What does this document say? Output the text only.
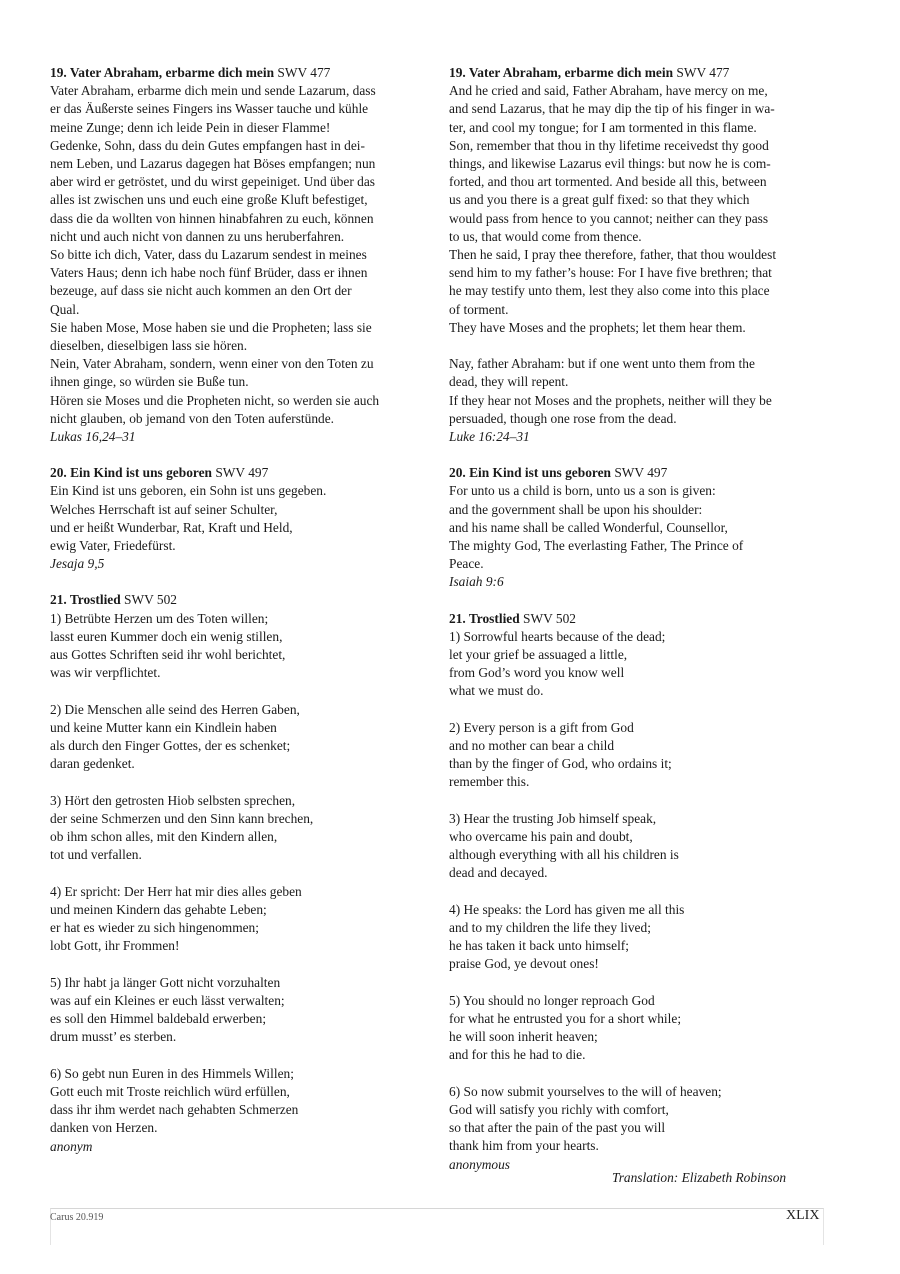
19. Vater Abraham, erbarme dich mein SWV 477
Vater Abraham, erbarme dich mein und sende Lazarum, dass
er das Äußerste seines Fingers ins Wasser tauche und kühle
meine Zunge; denn ich leide Pein in dieser Flamme!
Gedenke, Sohn, dass du dein Gutes empfangen hast in dei-
nem Leben, und Lazarus dagegen hat Böses empfangen; nun
aber wird er getröstet, und du wirst gepeiniget. Und über das
alles ist zwischen uns und euch eine große Kluft befestiget,
dass die da wollten von hinnen hinabfahren zu euch, können
nicht und auch nicht von dannen zu uns heruberfahren.
So bitte ich dich, Vater, dass du Lazarum sendest in meines
Vaters Haus; denn ich habe noch fünf Brüder, dass er ihnen
bezeuge, auf dass sie nicht auch kommen an den Ort der
Qual.
Sie haben Mose, Mose haben sie und die Propheten; lass sie
dieselben, dieselbigen lass sie hören.
Nein, Vater Abraham, sondern, wenn einer von den Toten zu
ihnen ginge, so würden sie Buße tun.
Hören sie Moses und die Propheten nicht, so werden sie auch
nicht glauben, ob jemand von den Toten auferstünde.
Lukas 16,24–31
20. Ein Kind ist uns geboren SWV 497
Ein Kind ist uns geboren, ein Sohn ist uns gegeben.
Welches Herrschaft ist auf seiner Schulter,
und er heißt Wunderbar, Rat, Kraft und Held,
ewig Vater, Friedefürst.
Jesaja 9,5
21. Trostlied SWV 502
1) Betrübte Herzen um des Toten willen;
lasst euren Kummer doch ein wenig stillen,
aus Gottes Schriften seid ihr wohl berichtet,
was wir verpflichtet.
2) Die Menschen alle seind des Herren Gaben,
und keine Mutter kann ein Kindlein haben
als durch den Finger Gottes, der es schenket;
daran gedenket.
3) Hört den getrosten Hiob selbsten sprechen,
der seine Schmerzen und den Sinn kann brechen,
ob ihm schon alles, mit den Kindern allen,
tot und verfallen.
4) Er spricht: Der Herr hat mir dies alles geben
und meinen Kindern das gehabte Leben;
er hat es wieder zu sich hingenommen;
lobt Gott, ihr Frommen!
5) Ihr habt ja länger Gott nicht vorzuhalten
was auf ein Kleines er euch lässt verwalten;
es soll den Himmel baldebald erwerben;
drum musst’ es sterben.
6) So gebt nun Euren in des Himmels Willen;
Gott euch mit Troste reichlich würd erfüllen,
dass ihr ihm werdet nach gehabten Schmerzen
danken von Herzen.
anonym
19. Vater Abraham, erbarme dich mein SWV 477
And he cried and said, Father Abraham, have mercy on me,
and send Lazarus, that he may dip the tip of his finger in wa-
ter, and cool my tongue; for I am tormented in this flame.
Son, remember that thou in thy lifetime receivedst thy good
things, and likewise Lazarus evil things: but now he is com-
forted, and thou art tormented. And beside all this, between
us and you there is a great gulf fixed: so that they which
would pass from hence to you cannot; neither can they pass
to us, that would come from thence.
Then he said, I pray thee therefore, father, that thou wouldest
send him to my father’s house: For I have five brethren; that
he may testify unto them, lest they also come into this place
of torment.
They have Moses and the prophets; let them hear them.
Nay, father Abraham: but if one went unto them from the
dead, they will repent.
If they hear not Moses and the prophets, neither will they be
persuaded, though one rose from the dead.
Luke 16:24–31
20. Ein Kind ist uns geboren SWV 497
For unto us a child is born, unto us a son is given:
and the government shall be upon his shoulder:
and his name shall be called Wonderful, Counsellor,
The mighty God, The everlasting Father, The Prince of
Peace.
Isaiah 9:6
21. Trostlied SWV 502
1) Sorrowful hearts because of the dead;
let your grief be assuaged a little,
from God’s word you know well
what we must do.
2) Every person is a gift from God
and no mother can bear a child
than by the finger of God, who ordains it;
remember this.
3) Hear the trusting Job himself speak,
who overcame his pain and doubt,
although everything with all his children is
dead and decayed.
4) He speaks: the Lord has given me all this
and to my children the life they lived;
he has taken it back unto himself;
praise God, ye devout ones!
5) You should no longer reproach God
for what he entrusted you for a short while;
he will soon inherit heaven;
and for this he had to die.
6) So now submit yourselves to the will of heaven;
God will satisfy you richly with comfort,
so that after the pain of the past you will
thank him from your hearts.
anonymous
Translation: Elizabeth Robinson
Carus 20.919	XLIX
